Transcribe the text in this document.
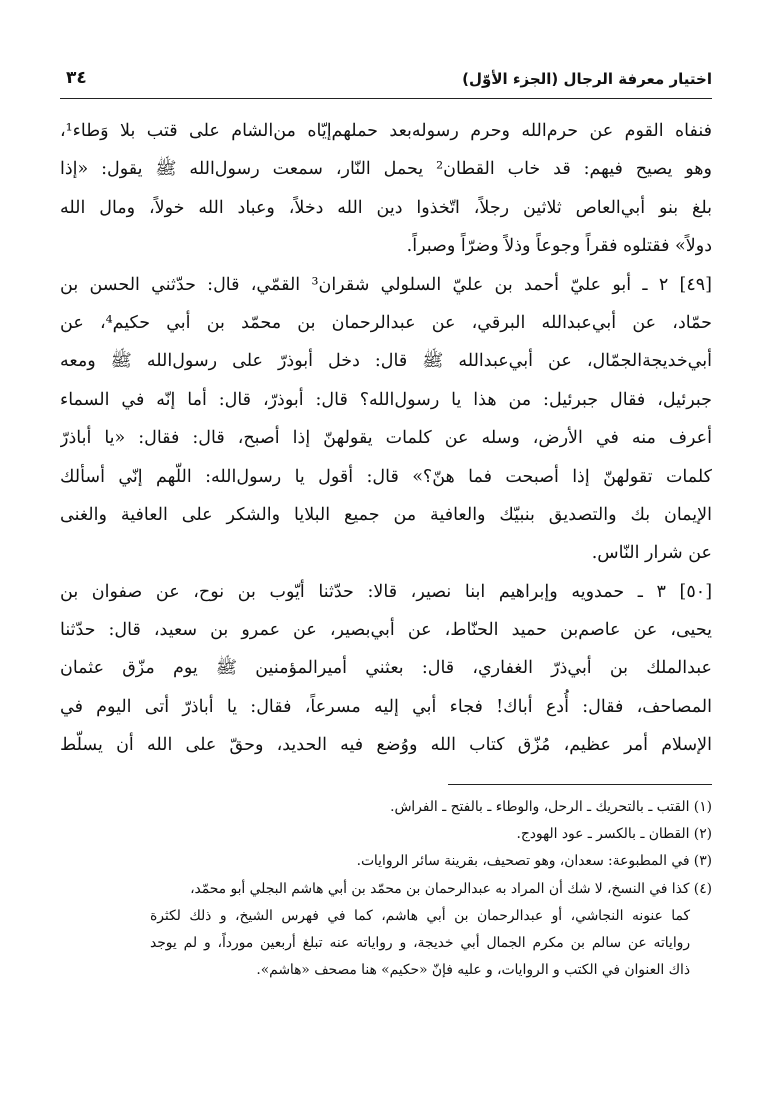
اختيار معرفة الرجال (الجزء الأوّل)
٣٤
فنفاه القوم عن حرم‌الله وحرم رسوله‌بعد حملهم‌إيّاه من‌الشام على قتب بلا وَطاء¹،
وهو يصيح فيهم: قد خاب القطان² يحمل النّار، سمعت رسول‌الله ﷺ يقول: «إذا
بلغ بنو أبي‌العاص ثلاثين رجلاً، اتّخذوا دين الله دخلاً، وعباد الله خولاً، ومال الله
دولاً» فقتلوه فقراً وجوعاً وذلاً وضرّاً وصبراً.
[٤٩] ٢ ـ أبو عليّ أحمد بن عليّ السلولي شقران³ القمّي، قال: حدّثني الحسن بن
حمّاد، عن أبي‌عبدالله البرقي، عن عبدالرحمان بن محمّد بن أبي حكيم⁴، عن
أبي‌خديجة‌الجمّال، عن أبي‌عبدالله ﷺ قال: دخل أبوذرّ على رسول‌الله ﷺ ومعه
جبرئيل، فقال جبرئيل: من هذا يا رسول‌الله؟ قال: أبوذرّ، قال: أما إنّه في السماء
أعرف منه في الأرض، وسله عن كلمات يقولهنّ إذا أصبح، قال: فقال: «يا أباذرّ
كلمات تقولهنّ إذا أصبحت فما هنّ؟» قال: أقول يا رسول‌الله: اللّهم إنّي أسألك
الإيمان بك والتصديق بنبيّك والعافية من جميع البلايا والشكر على العافية والغنى
عن شرار النّاس.
[٥٠] ٣ ـ حمدويه وإبراهيم ابنا نصير، قالا: حدّثنا أيّوب بن نوح، عن صفوان بن
يحيى، عن عاصم‌بن حميد الحنّاط، عن أبي‌بصير، عن عمرو بن سعيد، قال: حدّثنا
عبدالملك بن أبي‌ذرّ الغفاري، قال: بعثني أمير‌المؤمنين ﷺ يوم مزّق عثمان
المصاحف، فقال: أُدع أباك! فجاء أبي إليه مسرعاً، فقال: يا أباذرّ أتى اليوم في
الإسلام أمر عظيم، مُزّق كتاب الله ووُضع فيه الحديد، وحقّ على الله أن يسلّط
(١) القتب ـ بالتحريك ـ الرحل، والوطاء ـ بالفتح ـ الفراش.
(٢) القطان ـ بالكسر ـ عود الهودج.
(٣) في المطبوعة: سعدان، وهو تصحيف، بقرينة سائر الروايات.
(٤) كذا في النسخ، لا شك أن المراد به عبدالرحمان بن محمّد بن أبي هاشم البجلي أبو محمّد،
كما عنونه النجاشي، أو عبدالرحمان بن أبي هاشم، كما في فهرس الشيخ، و ذلك لكثرة
رواياته عن سالم بن مكرم الجمال أبي خديجة، و رواياته عنه تبلغ أربعين مورداً، و لم يوجد
ذاك العنوان في الكتب و الروايات، و عليه فإنّ «حكيم» هنا مصحف «هاشم».
